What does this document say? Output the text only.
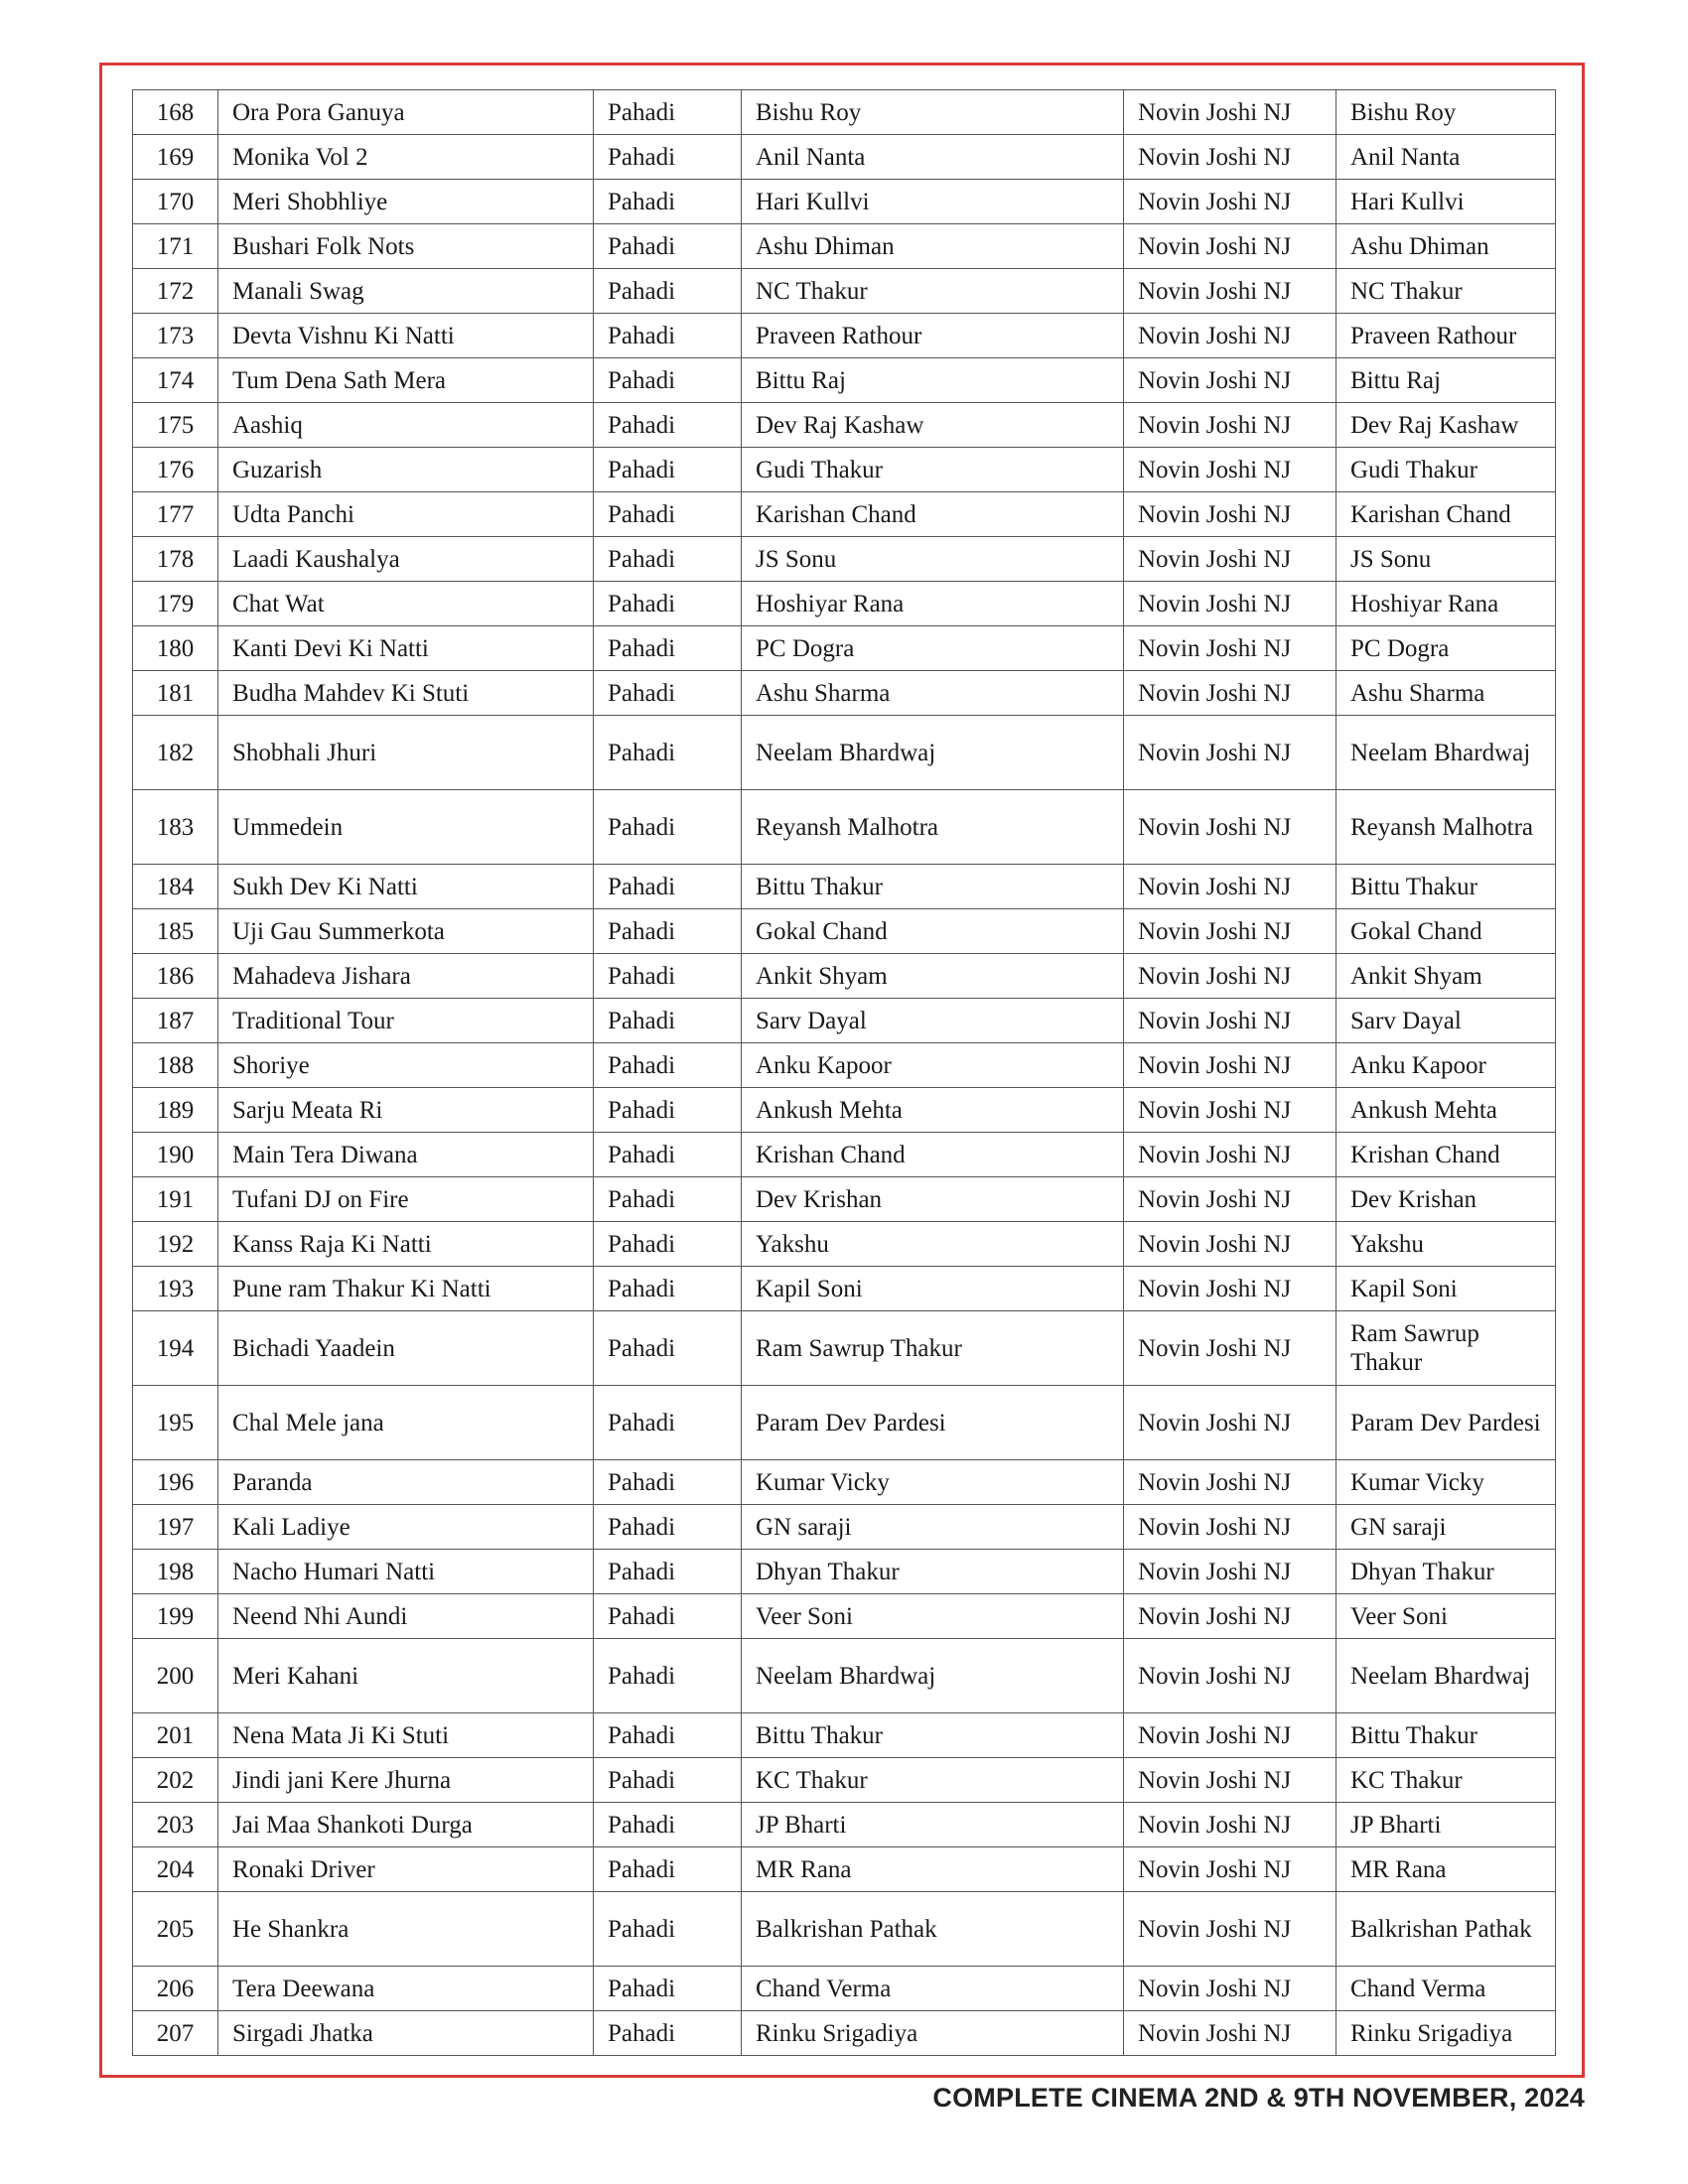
168	Ora Pora Ganuya	Pahadi	Bishu Roy	Novin Joshi NJ	Bishu Roy
169	Monika Vol 2	Pahadi	Anil Nanta	Novin Joshi NJ	Anil Nanta
170	Meri Shobhliye	Pahadi	Hari Kullvi	Novin Joshi NJ	Hari Kullvi
171	Bushari Folk Nots	Pahadi	Ashu Dhiman	Novin Joshi NJ	Ashu Dhiman
172	Manali Swag	Pahadi	NC Thakur	Novin Joshi NJ	NC Thakur
173	Devta Vishnu Ki Natti	Pahadi	Praveen Rathour	Novin Joshi NJ	Praveen Rathour
174	Tum Dena Sath Mera	Pahadi	Bittu Raj	Novin Joshi NJ	Bittu Raj
175	Aashiq	Pahadi	Dev Raj Kashaw	Novin Joshi NJ	Dev Raj Kashaw
176	Guzarish	Pahadi	Gudi Thakur	Novin Joshi NJ	Gudi Thakur
177	Udta Panchi	Pahadi	Karishan Chand	Novin Joshi NJ	Karishan Chand
178	Laadi Kaushalya	Pahadi	JS Sonu	Novin Joshi NJ	JS Sonu
179	Chat Wat	Pahadi	Hoshiyar Rana	Novin Joshi NJ	Hoshiyar Rana
180	Kanti Devi Ki Natti	Pahadi	PC Dogra	Novin Joshi NJ	PC Dogra
181	Budha Mahdev Ki Stuti	Pahadi	Ashu Sharma	Novin Joshi NJ	Ashu Sharma
182	Shobhali Jhuri	Pahadi	Neelam Bhardwaj	Novin Joshi NJ	Neelam Bhardwaj
183	Ummedein	Pahadi	Reyansh Malhotra	Novin Joshi NJ	Reyansh Malhotra
184	Sukh Dev Ki Natti	Pahadi	Bittu Thakur	Novin Joshi NJ	Bittu Thakur
185	Uji Gau Summerkota	Pahadi	Gokal Chand	Novin Joshi NJ	Gokal Chand
186	Mahadeva Jishara	Pahadi	Ankit Shyam	Novin Joshi NJ	Ankit Shyam
187	Traditional Tour	Pahadi	Sarv Dayal	Novin Joshi NJ	Sarv Dayal
188	Shoriye	Pahadi	Anku Kapoor	Novin Joshi NJ	Anku Kapoor
189	Sarju Meata Ri	Pahadi	Ankush Mehta	Novin Joshi NJ	Ankush Mehta
190	Main Tera Diwana	Pahadi	Krishan Chand	Novin Joshi NJ	Krishan Chand
191	Tufani DJ on Fire	Pahadi	Dev Krishan	Novin Joshi NJ	Dev Krishan
192	Kanss Raja Ki Natti	Pahadi	Yakshu	Novin Joshi NJ	Yakshu
193	Pune ram Thakur Ki Natti	Pahadi	Kapil Soni	Novin Joshi NJ	Kapil Soni
194	Bichadi Yaadein	Pahadi	Ram Sawrup Thakur	Novin Joshi NJ	Ram Sawrup Thakur
195	Chal Mele jana	Pahadi	Param Dev Pardesi	Novin Joshi NJ	Param Dev Pardesi
196	Paranda	Pahadi	Kumar Vicky	Novin Joshi NJ	Kumar Vicky
197	Kali Ladiye	Pahadi	GN saraji	Novin Joshi NJ	GN saraji
198	Nacho Humari Natti	Pahadi	Dhyan Thakur	Novin Joshi NJ	Dhyan Thakur
199	Neend Nhi Aundi	Pahadi	Veer Soni	Novin Joshi NJ	Veer Soni
200	Meri Kahani	Pahadi	Neelam Bhardwaj	Novin Joshi NJ	Neelam Bhardwaj
201	Nena Mata Ji Ki Stuti	Pahadi	Bittu Thakur	Novin Joshi NJ	Bittu Thakur
202	Jindi jani Kere Jhurna	Pahadi	KC Thakur	Novin Joshi NJ	KC Thakur
203	Jai Maa Shankoti Durga	Pahadi	JP Bharti	Novin Joshi NJ	JP Bharti
204	Ronaki Driver	Pahadi	MR Rana	Novin Joshi NJ	MR Rana
205	He Shankra	Pahadi	Balkrishan Pathak	Novin Joshi NJ	Balkrishan Pathak
206	Tera Deewana	Pahadi	Chand Verma	Novin Joshi NJ	Chand Verma
207	Sirgadi Jhatka	Pahadi	Rinku Srigadiya	Novin Joshi NJ	Rinku Srigadiya
COMPLETE CINEMA 2ND & 9TH NOVEMBER, 2024
